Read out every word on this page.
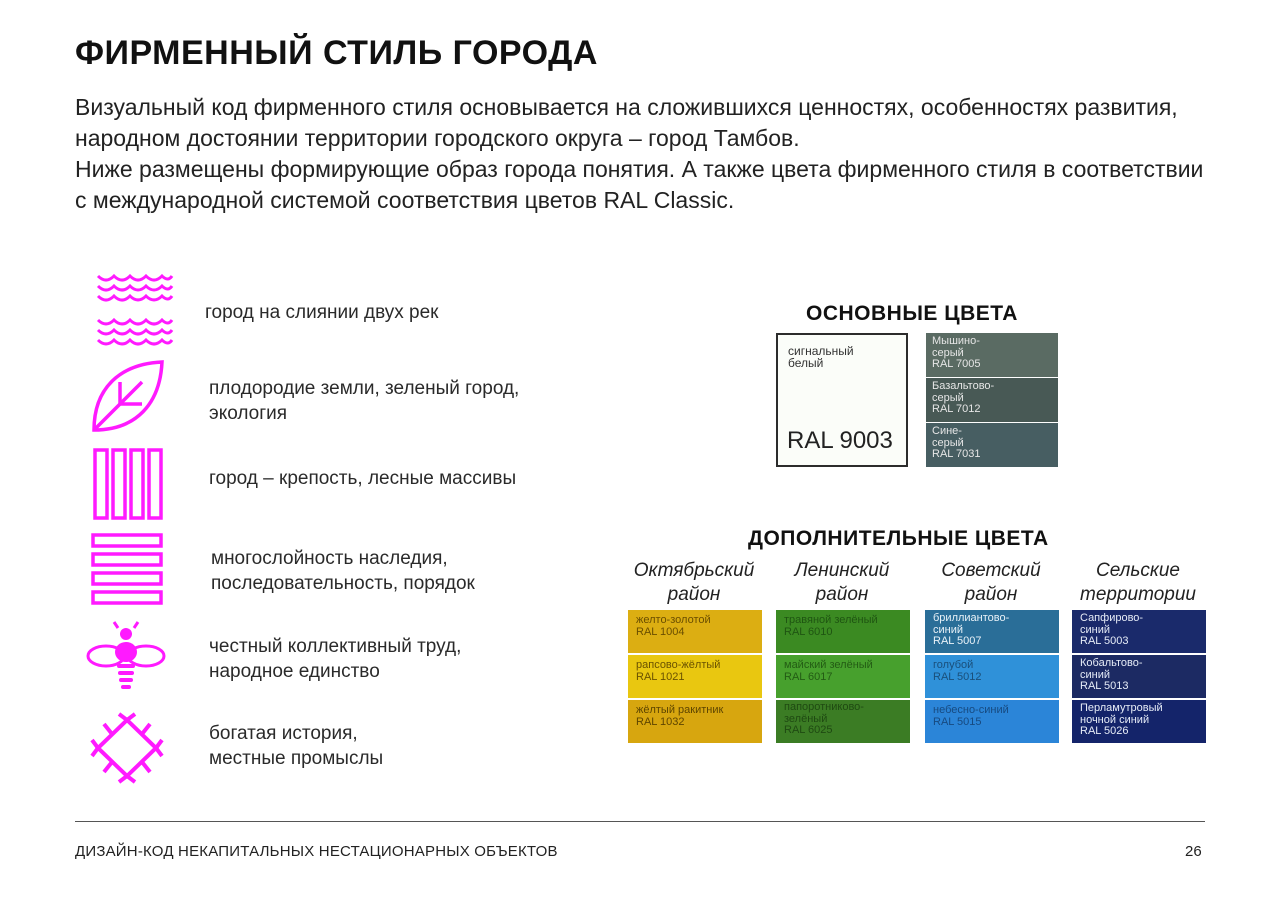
ФИРМЕННЫЙ СТИЛЬ ГОРОДА

Визуальный код фирменного стиля основывается на сложившихся ценностях, особенностях развития, народном достоянии территории городского округа – город Тамбов.

Ниже размещены формирующие образ города понятия. А также цвета фирменного стиля в соответствии с международной системой соответствия цветов RAL Classic.

город на слиянии двух рек
плодородие земли, зеленый город,
экология
город – крепость, лесные массивы
многослойность наследия,
последовательность, порядок
честный коллективный труд,
народное единство
богатая история,
местные промыслы
ОСНОВНЫЕ ЦВЕТА
сигнальный
белый
RAL 9003
Мышино-
серый
RAL 7005
Базальтово-
серый
RAL 7012
Сине-
серый
RAL 7031
ДОПОЛНИТЕЛЬНЫЕ ЦВЕТА
Октябрьский
район
Ленинский
район
Советский
район
Сельские
территории
желто-золотой
RAL 1004
рапсово-жёлтый
RAL 1021
жёлтый ракитник
RAL 1032
травяной зелёный
RAL 6010
майский зелёный
RAL 6017
папоротниково-
зелёный
RAL 6025
бриллиантово-
синий
RAL 5007
голубой
RAL 5012
небесно-синий
RAL 5015
Сапфирово-
синий
RAL 5003
Кобальтово-
синий
RAL 5013
Перламутровый
ночной синий
RAL 5026
ДИЗАЙН-КОД НЕКАПИТАЛЬНЫХ НЕСТАЦИОНАРНЫХ ОБЪЕКТОВ	26
